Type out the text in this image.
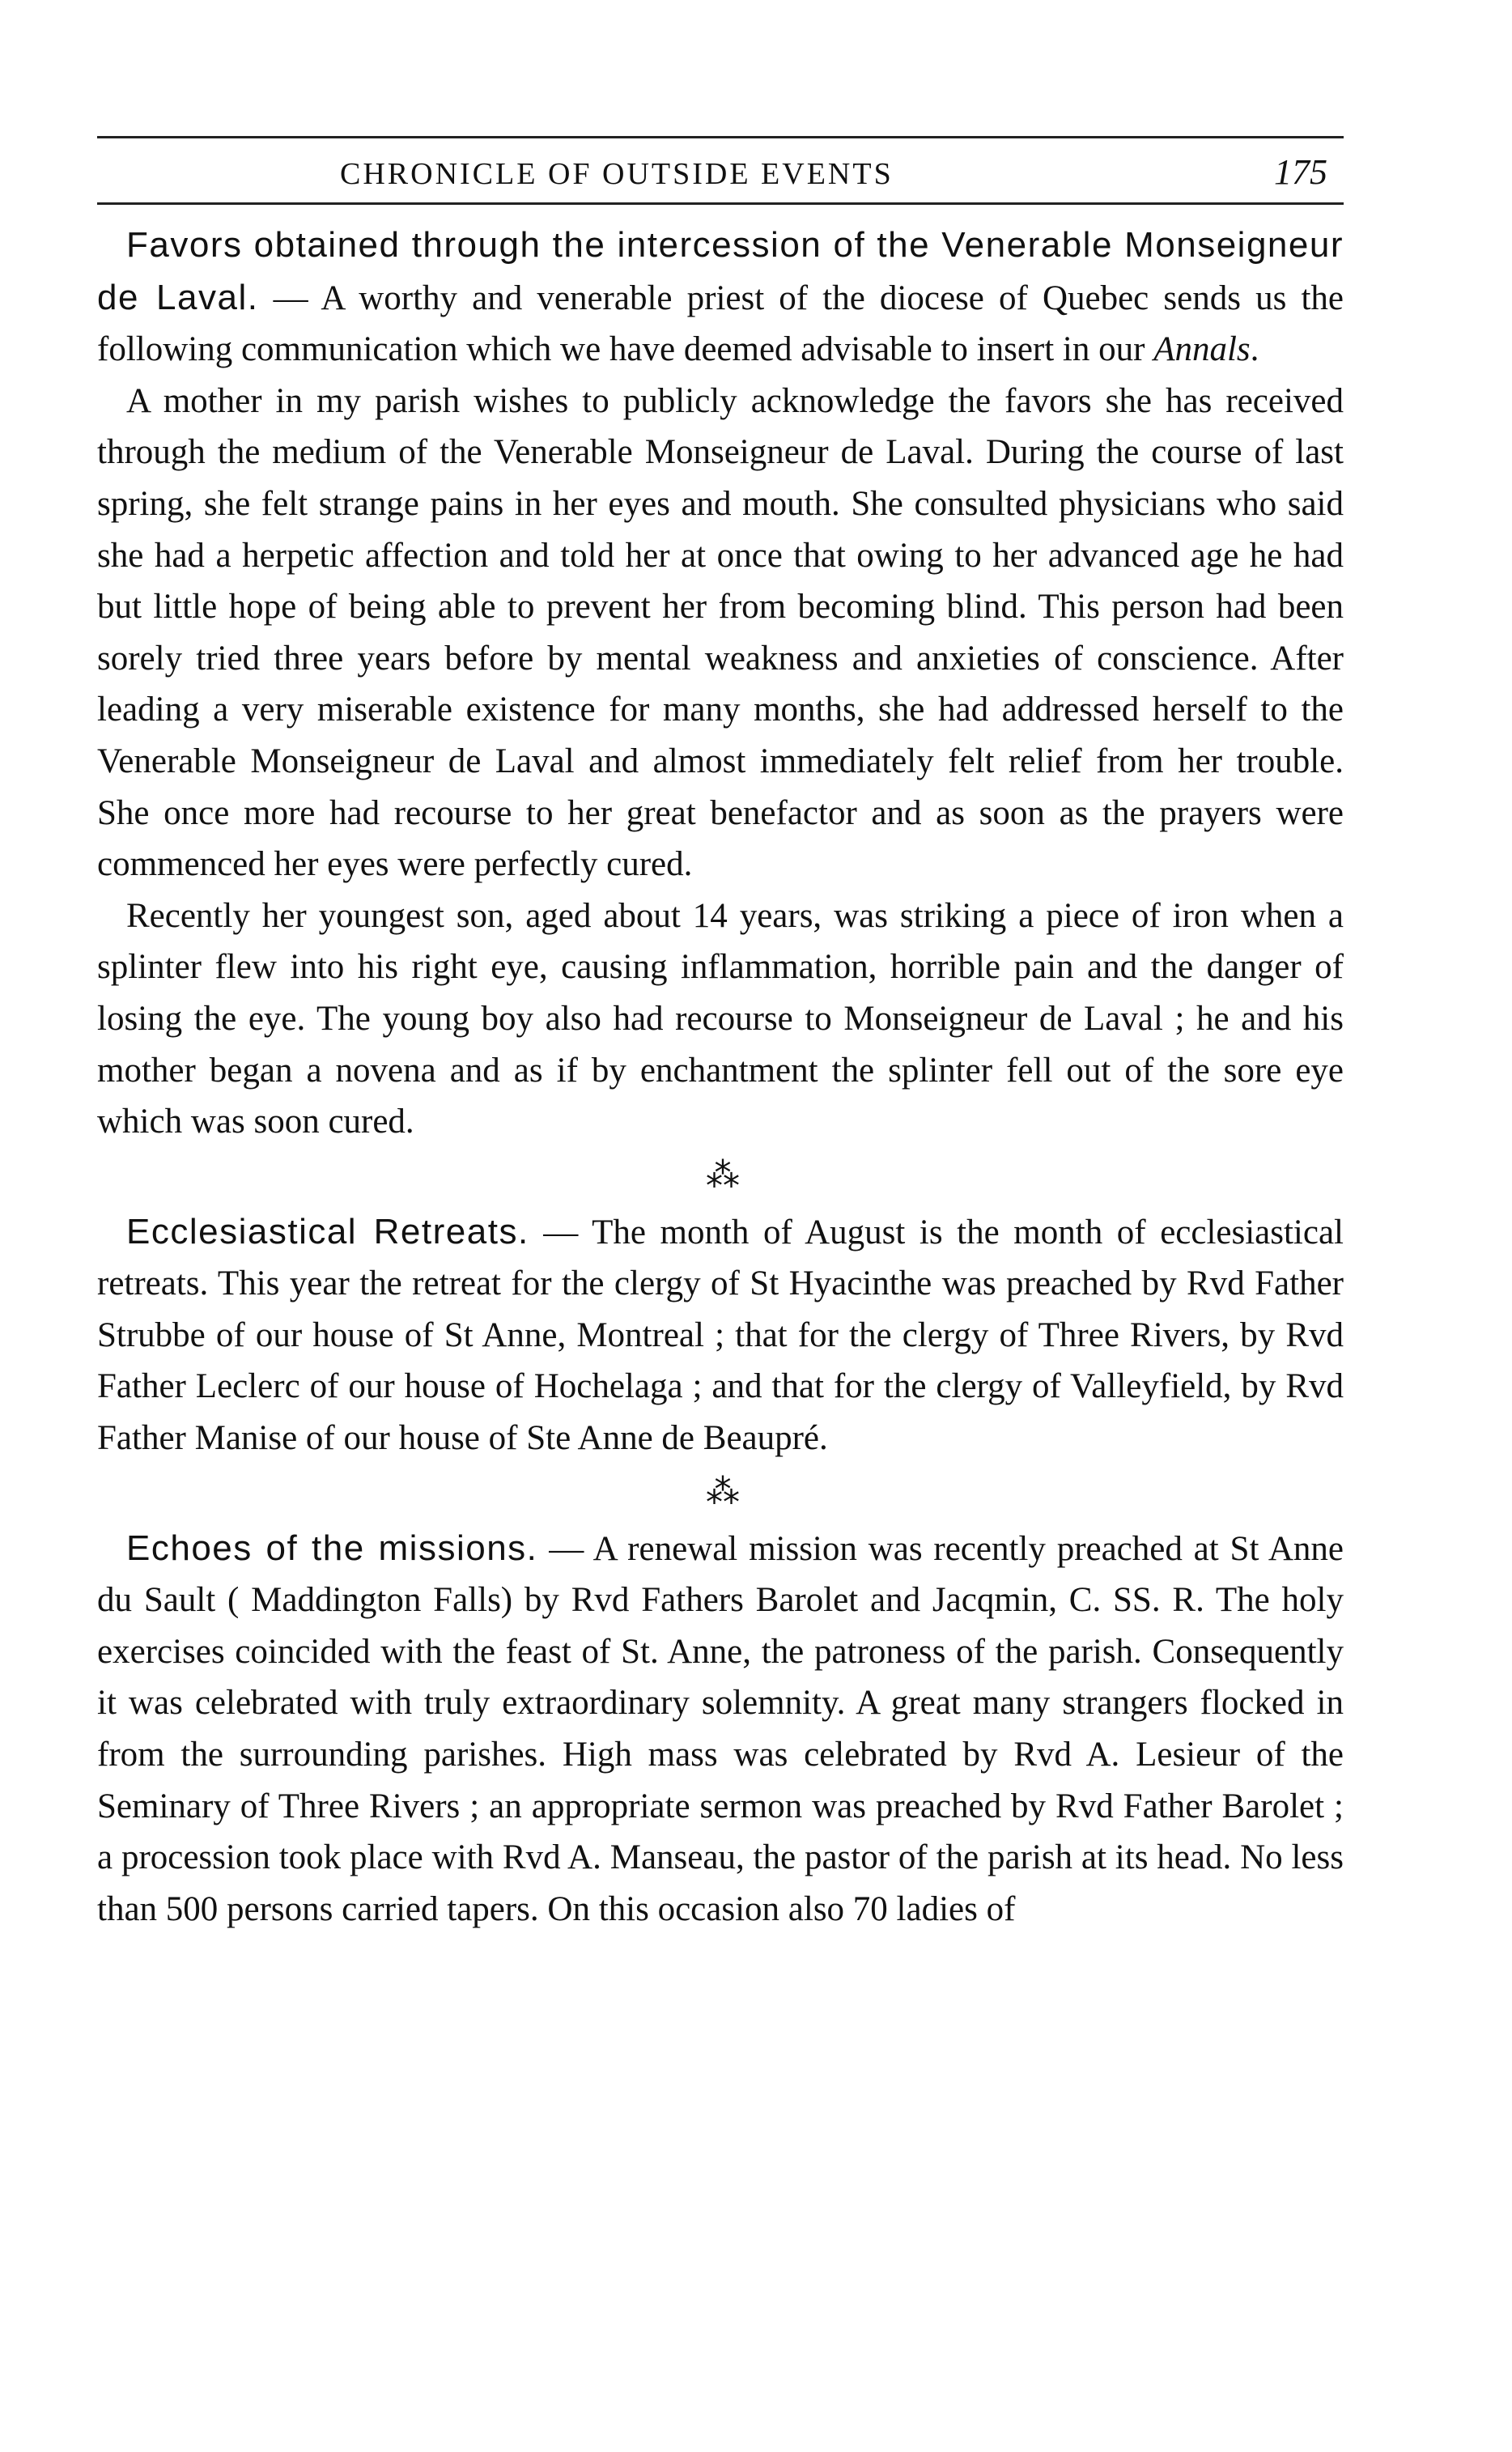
CHRONICLE OF OUTSIDE EVENTS	175

Favors obtained through the intercession of the Venerable Monseigneur de Laval. — A worthy and venerable priest of the diocese of Quebec sends us the following communication which we have deemed advisable to insert in our Annals.

A mother in my parish wishes to publicly acknowledge the favors she has received through the medium of the Venerable Monseigneur de Laval. During the course of last spring, she felt strange pains in her eyes and mouth. She consulted physicians who said she had a herpetic affection and told her at once that owing to her advanced age he had but little hope of being able to prevent her from becoming blind. This person had been sorely tried three years before by mental weakness and anxieties of conscience. After leading a very miserable existence for many months, she had addressed herself to the Venerable Monseigneur de Laval and almost immediately felt relief from her trouble. She once more had recourse to her great benefactor and as soon as the prayers were commenced her eyes were perfectly cured.

Recently her youngest son, aged about 14 years, was striking a piece of iron when a splinter flew into his right eye, causing inflammation, horrible pain and the danger of losing the eye. The young boy also had recourse to Monseigneur de Laval ; he and his mother began a novena and as if by enchantment the splinter fell out of the sore eye which was soon cured.

⁂

Ecclesiastical Retreats. — The month of August is the month of ecclesiastical retreats. This year the retreat for the clergy of St Hyacinthe was preached by Rvd Father Strubbe of our house of St Anne, Montreal ; that for the clergy of Three Rivers, by Rvd Father Leclerc of our house of Hochelaga ; and that for the clergy of Valleyfield, by Rvd Father Manise of our house of Ste Anne de Beaupré.

⁂

Echoes of the missions. — A renewal mission was recently preached at St Anne du Sault ( Maddington Falls) by Rvd Fathers Barolet and Jacqmin, C. SS. R. The holy exercises coincided with the feast of St. Anne, the patroness of the parish. Consequently it was celebrated with truly extraordinary solemnity. A great many strangers flocked in from the surrounding parishes. High mass was celebrated by Rvd A. Lesieur of the Seminary of Three Rivers ; an appropriate sermon was preached by Rvd Father Barolet ; a procession took place with Rvd A. Manseau, the pastor of the parish at its head. No less than 500 persons carried tapers. On this occasion also 70 ladies of
